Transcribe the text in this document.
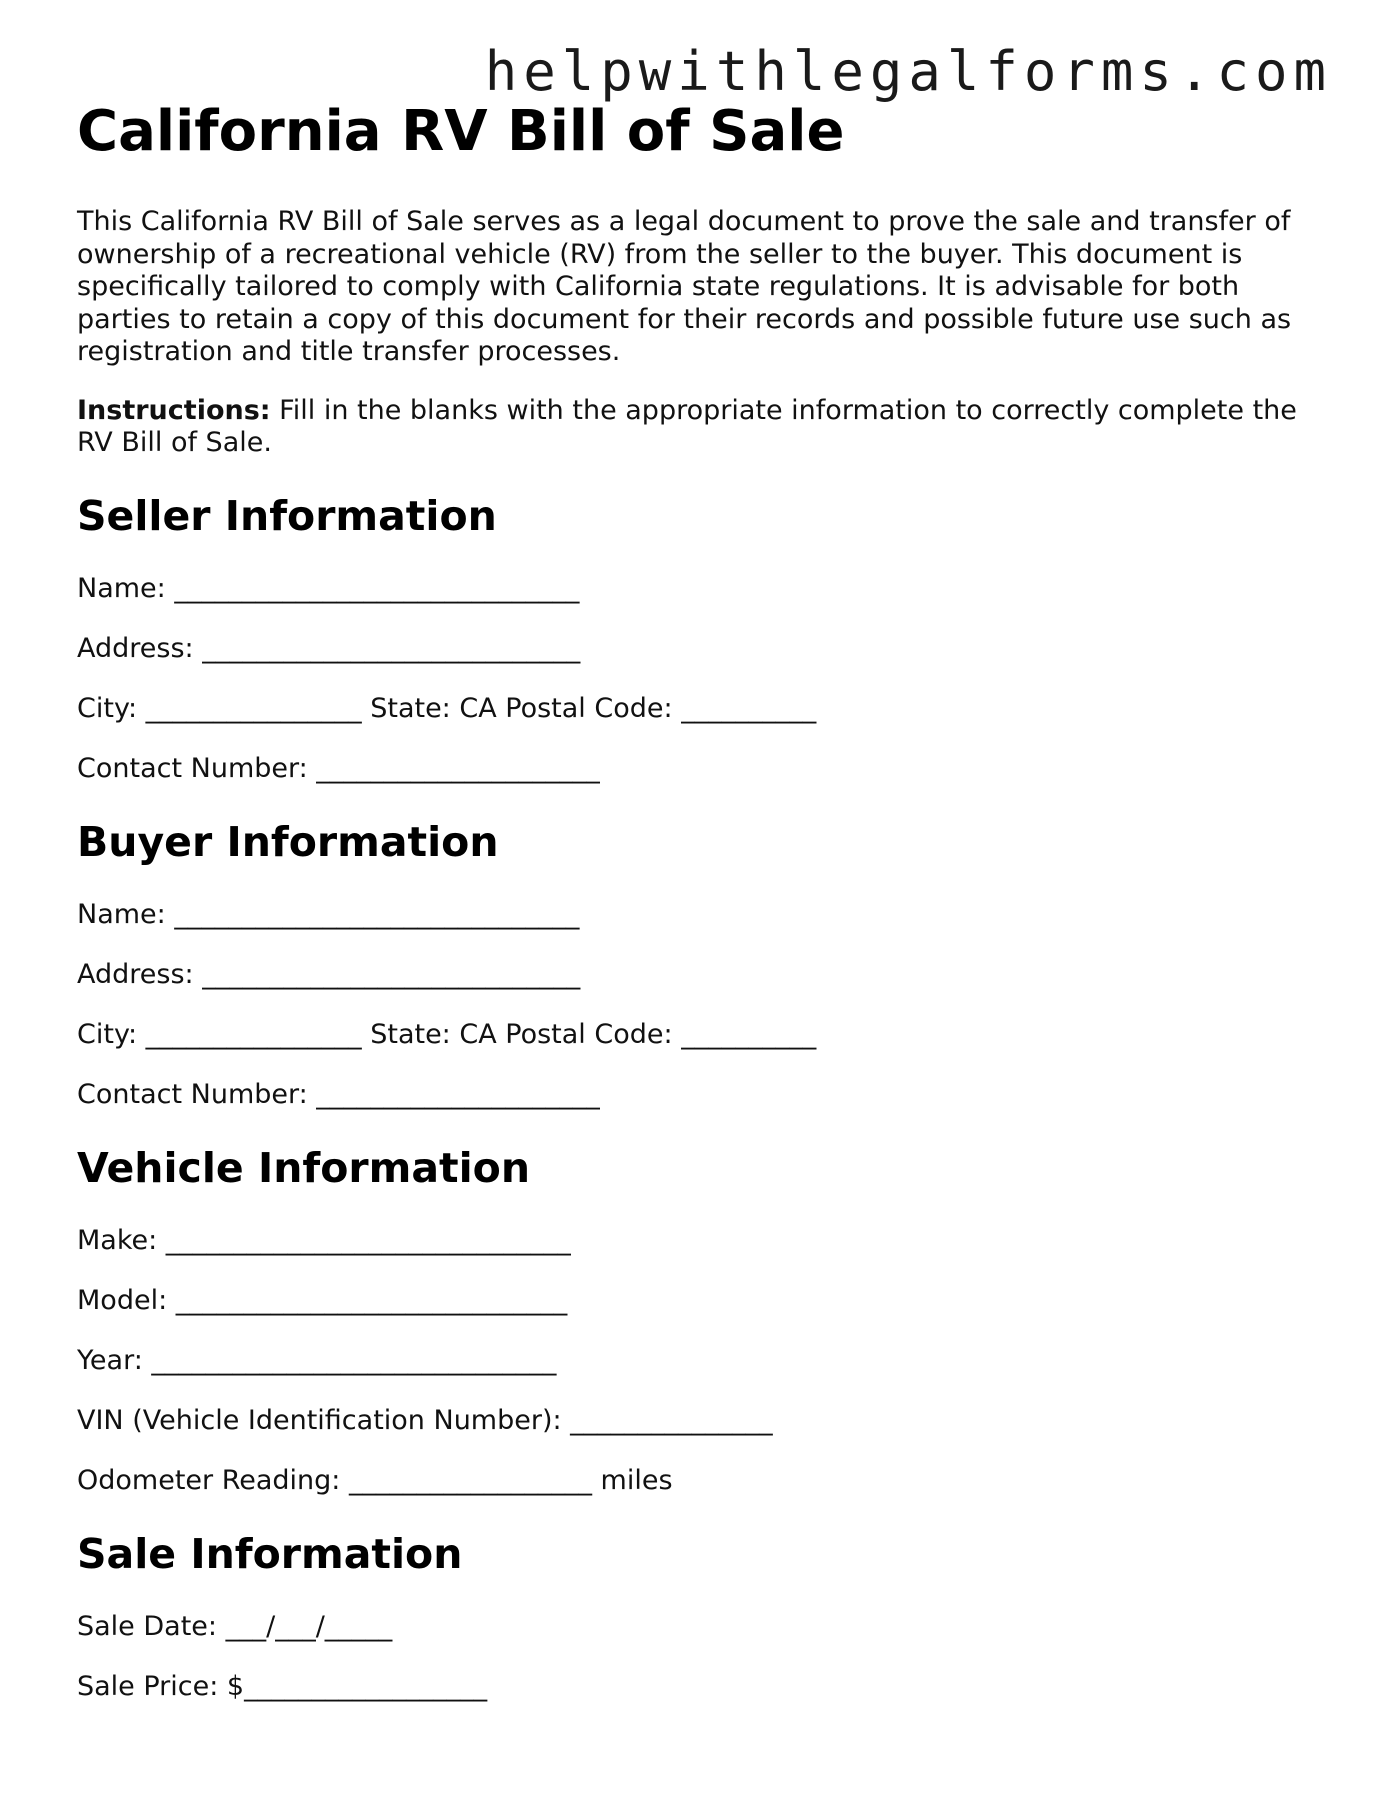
helpwithlegalforms.com
California RV Bill of Sale

This California RV Bill of Sale serves as a legal document to prove the sale and transfer of ownership of a recreational vehicle (RV) from the seller to the buyer. This document is specifically tailored to comply with California state regulations. It is advisable for both parties to retain a copy of this document for their records and possible future use such as registration and title transfer processes.

Instructions: Fill in the blanks with the appropriate information to correctly complete the RV Bill of Sale.

Seller Information
Name: ______________________________
Address: ____________________________
City: ________________ State: CA Postal Code: __________
Contact Number: _____________________
Buyer Information
Name: ______________________________
Address: ____________________________
City: ________________ State: CA Postal Code: __________
Contact Number: _____________________
Vehicle Information
Make: ______________________________
Model: _____________________________
Year: ______________________________
VIN (Vehicle Identification Number): _______________
Odometer Reading: __________________ miles
Sale Information
Sale Date: ___/___/_____
Sale Price: $__________________
